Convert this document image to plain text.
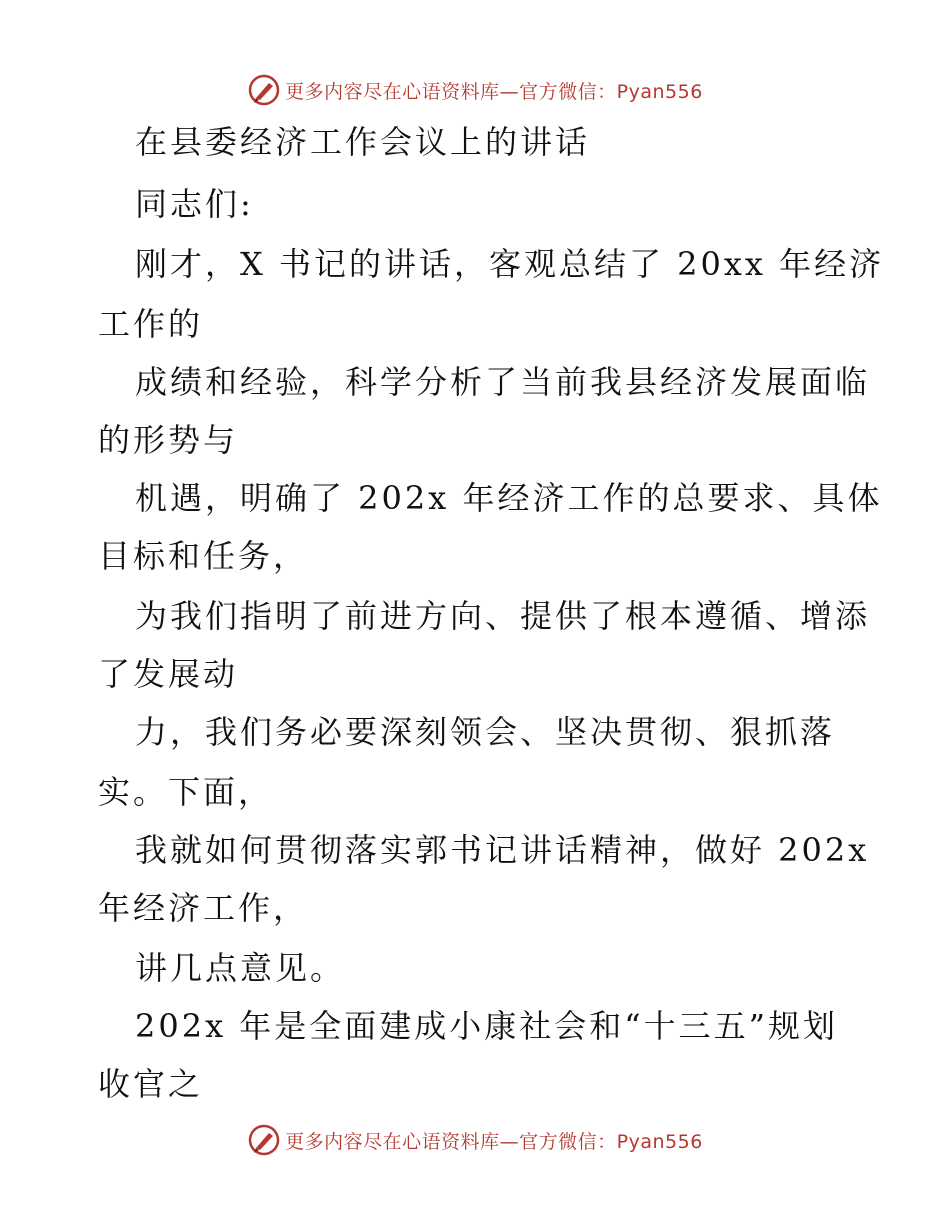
更多内容尽在心语资料库—官方微信：Pyan556
在县委经济工作会议上的讲话
同志们:
刚才，X 书记的讲话，客观总结了 20xx 年经济
工作的
成绩和经验，科学分析了当前我县经济发展面临
的形势与
机遇，明确了 202x 年经济工作的总要求、具体
目标和任务，
为我们指明了前进方向、提供了根本遵循、增添
了发展动
力，我们务必要深刻领会、坚决贯彻、狠抓落
实。下面，
我就如何贯彻落实郭书记讲话精神，做好 202x
年经济工作，
讲几点意见。
202x 年是全面建成小康社会和“十三五”规划
收官之
更多内容尽在心语资料库—官方微信：Pyan556
